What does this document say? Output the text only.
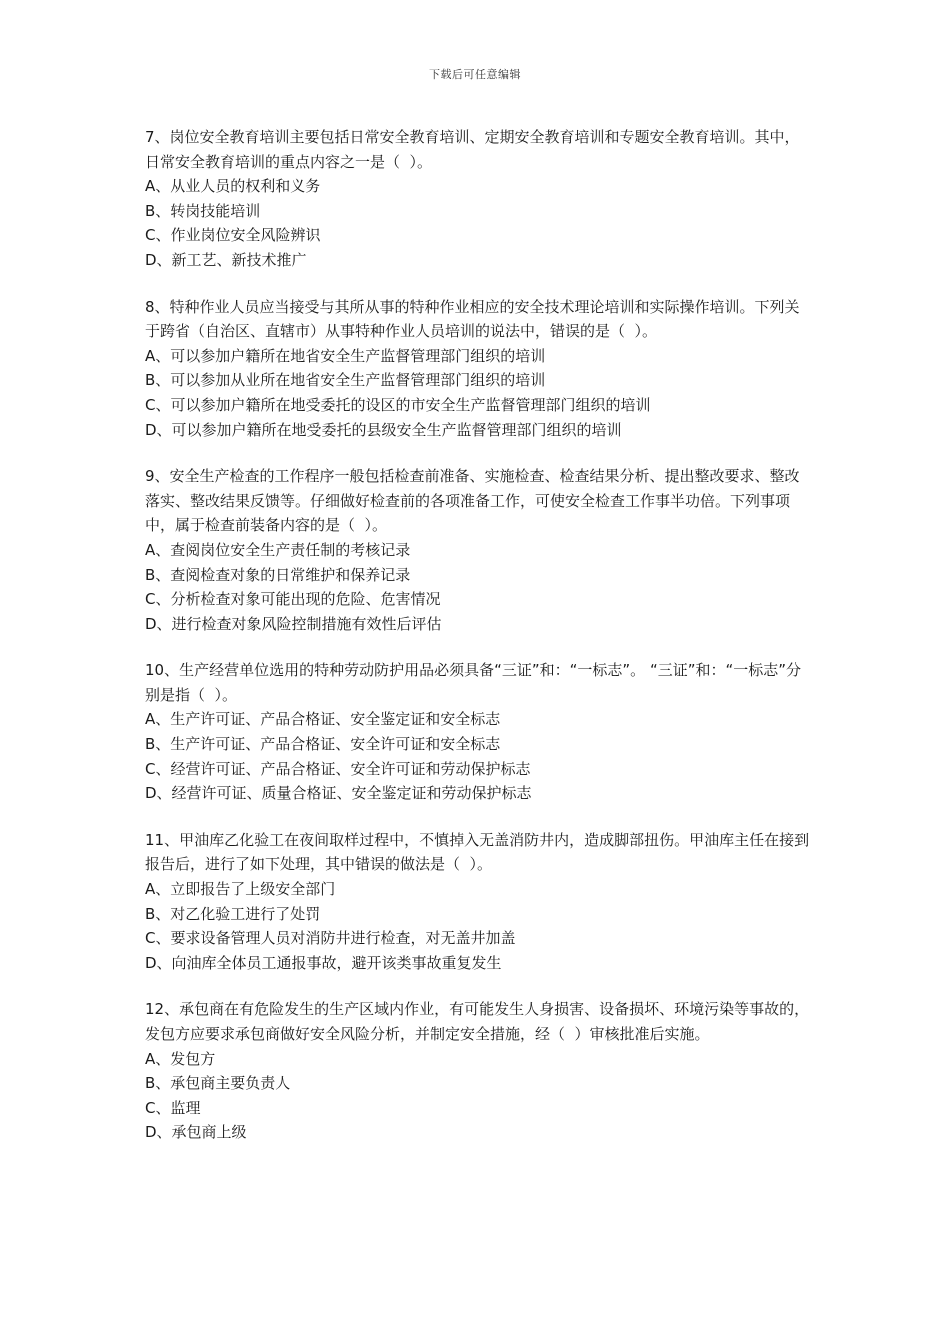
下载后可任意编辑

7、岗位安全教育培训主要包括日常安全教育培训、定期安全教育培训和专题安全教育培训。其中，日常安全教育培训的重点内容之一是（  ）。

A、从业人员的权利和义务

B、转岗技能培训

C、作业岗位安全风险辨识

D、新工艺、新技术推广

8、特种作业人员应当接受与其所从事的特种作业相应的安全技术理论培训和实际操作培训。下列关于跨省（自治区、直辖市）从事特种作业人员培训的说法中，错误的是（  ）。

A、可以参加户籍所在地省安全生产监督管理部门组织的培训

B、可以参加从业所在地省安全生产监督管理部门组织的培训

C、可以参加户籍所在地受委托的设区的市安全生产监督管理部门组织的培训

D、可以参加户籍所在地受委托的县级安全生产监督管理部门组织的培训

9、安全生产检查的工作程序一般包括检查前准备、实施检查、检查结果分析、提出整改要求、整改落实、整改结果反馈等。仔细做好检查前的各项准备工作，可使安全检查工作事半功倍。下列事项中，属于检查前装备内容的是（  ）。

A、查阅岗位安全生产责任制的考核记录

B、查阅检查对象的日常维护和保养记录

C、分析检查对象可能出现的危险、危害情况

D、进行检查对象风险控制措施有效性后评估

10、生产经营单位选用的特种劳动防护用品必须具备“三证”和：“一标志”。 “三证”和：“一标志”分别是指（  ）。

A、生产许可证、产品合格证、安全鉴定证和安全标志

B、生产许可证、产品合格证、安全许可证和安全标志

C、经营许可证、产品合格证、安全许可证和劳动保护标志

D、经营许可证、质量合格证、安全鉴定证和劳动保护标志

11、甲油库乙化验工在夜间取样过程中，不慎掉入无盖消防井内，造成脚部扭伤。甲油库主任在接到报告后，进行了如下处理，其中错误的做法是（  ）。

A、立即报告了上级安全部门

B、对乙化验工进行了处罚

C、要求设备管理人员对消防井进行检查，对无盖井加盖

D、向油库全体员工通报事故，避开该类事故重复发生

12、承包商在有危险发生的生产区域内作业，有可能发生人身损害、设备损坏、环境污染等事故的，发包方应要求承包商做好安全风险分析，并制定安全措施，经（  ）审核批准后实施。

A、发包方

B、承包商主要负责人

C、监理

D、承包商上级
